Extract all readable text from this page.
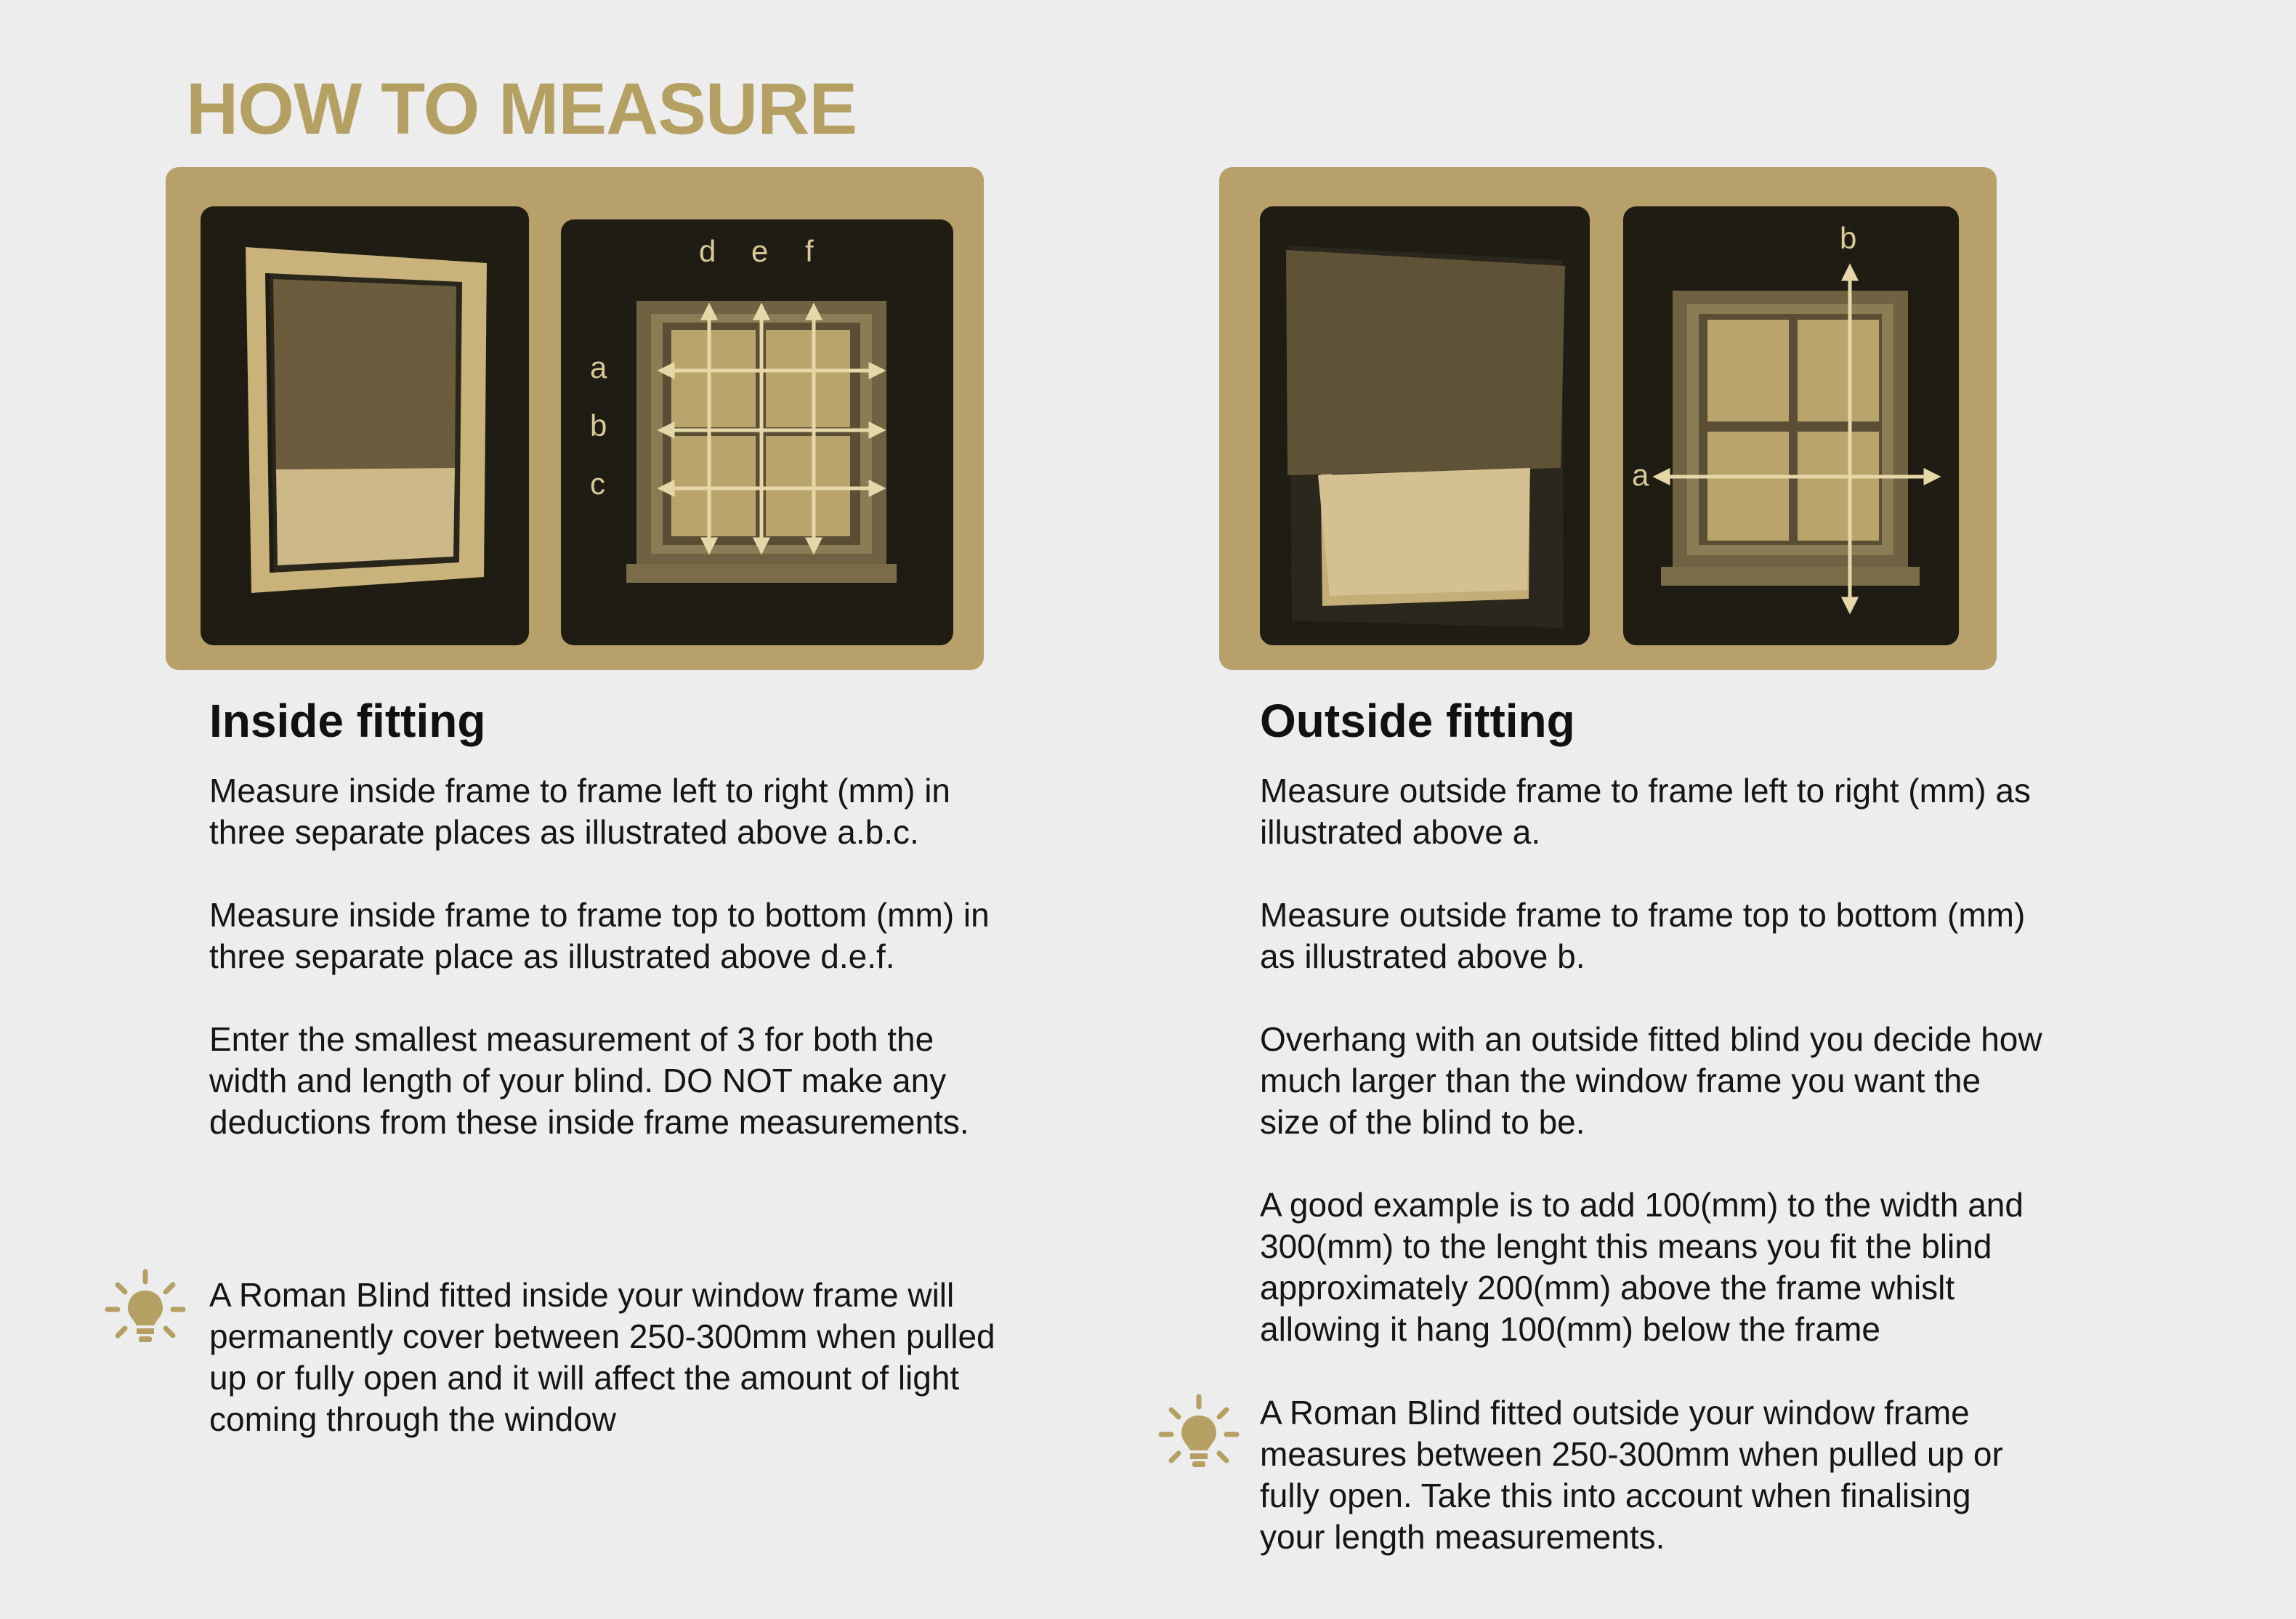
HOW TO MEASURE
d e f
a
b
c
b
a
Inside fitting

Measure inside frame to frame left to right (mm) in three separate places as illustrated above a.b.c.

Measure inside frame to frame top to bottom (mm) in three separate place as illustrated above d.e.f.

Enter the smallest measurement of 3 for both the width and length of your blind. DO NOT make any deductions from these inside frame measurements.

A Roman Blind fitted inside your window frame will permanently cover between 250-300mm when pulled up or fully open and it will affect the amount of light coming through the window

Outside fitting

Measure outside frame to frame left to right (mm) as illustrated above a.

Measure outside frame to frame top to bottom (mm) as illustrated above b.

Overhang with an outside fitted blind you decide how much larger than the window frame you want the size of the blind to be.

A good example is to add 100(mm) to the width and 300(mm) to the lenght this means you fit the blind approximately 200(mm) above the frame whislt allowing it hang 100(mm) below the frame

A Roman Blind fitted outside your window frame measures between 250-300mm when pulled up or fully open. Take this into account when finalising your length measurements.
